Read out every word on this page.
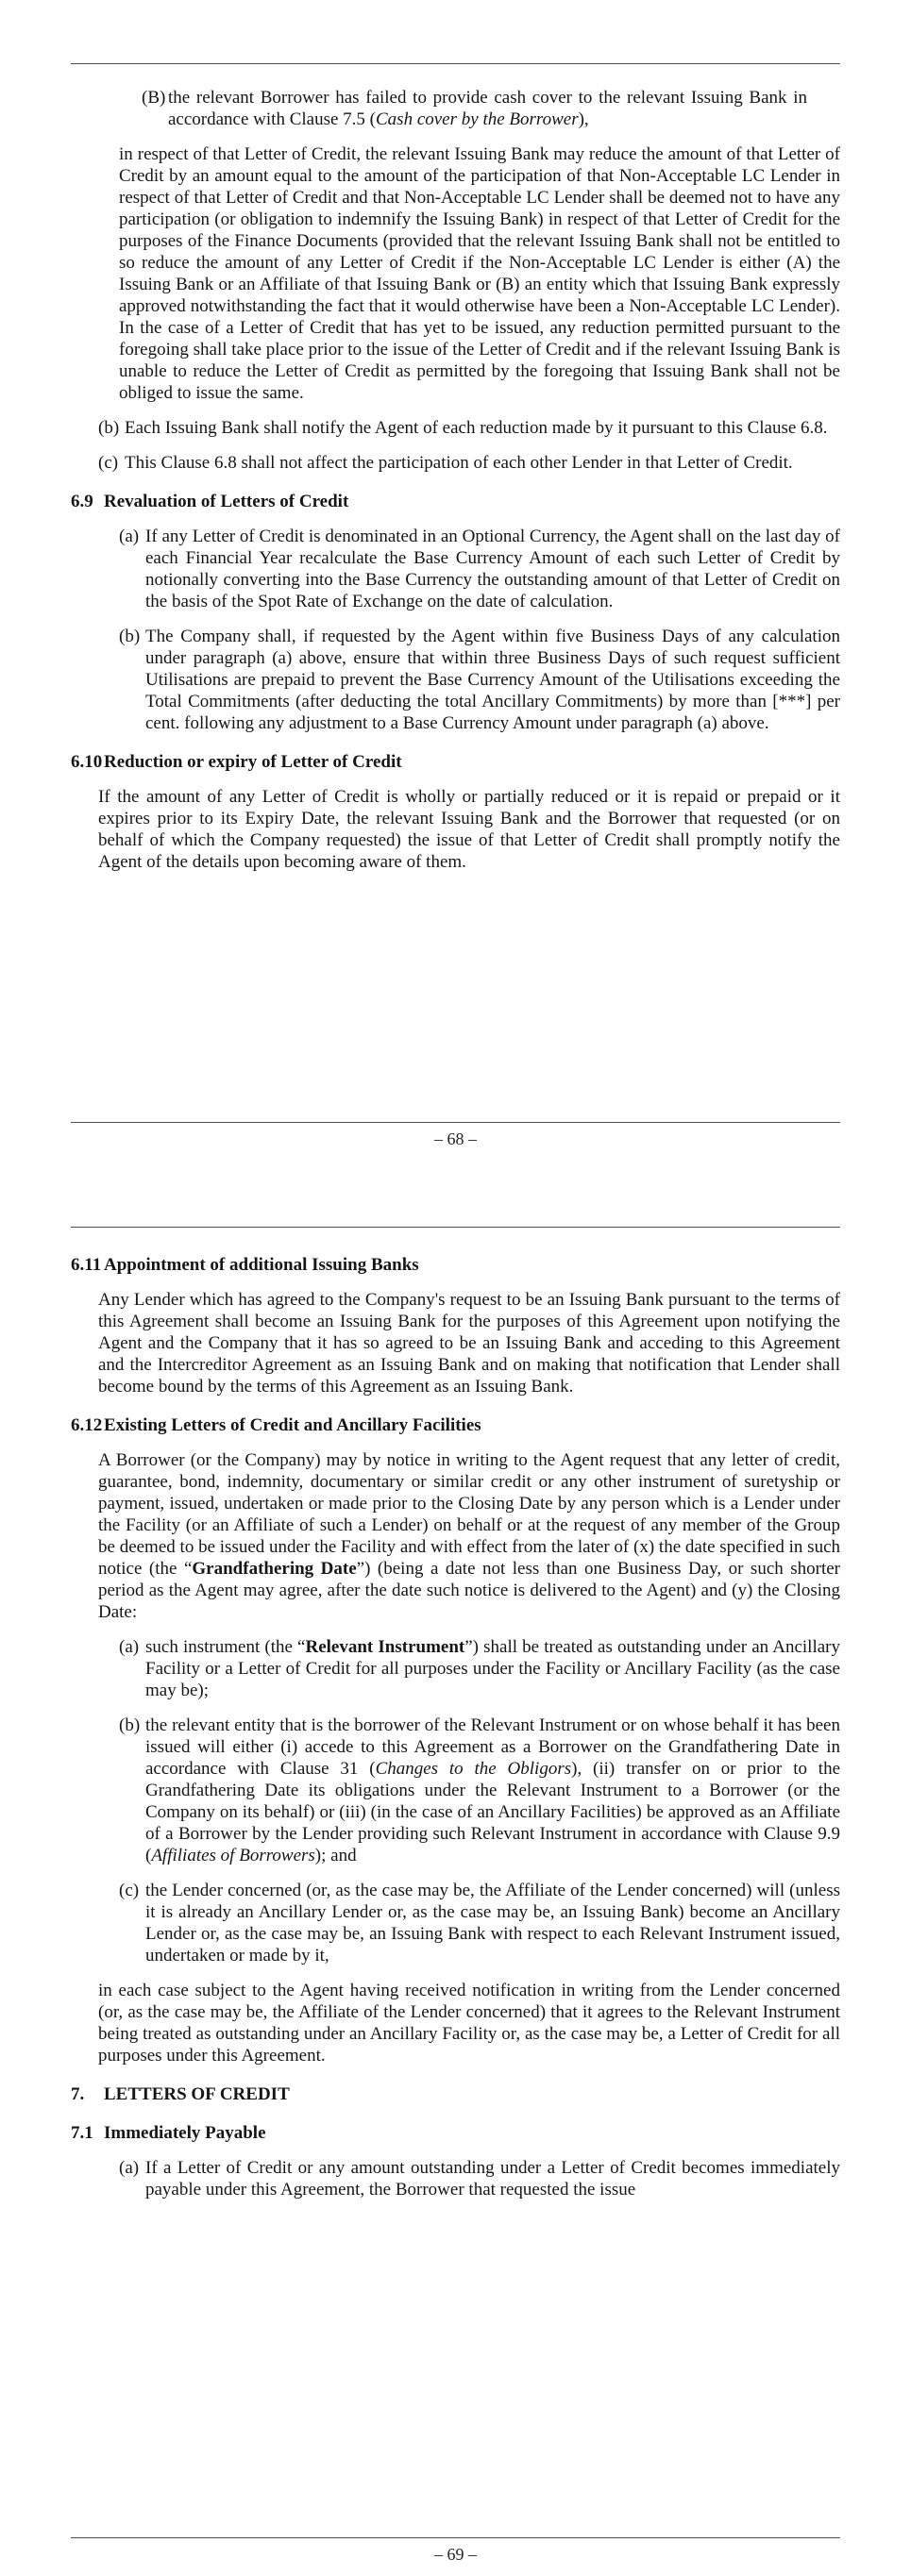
(B) the relevant Borrower has failed to provide cash cover to the relevant Issuing Bank in accordance with Clause 7.5 (Cash cover by the Borrower),
in respect of that Letter of Credit, the relevant Issuing Bank may reduce the amount of that Letter of Credit by an amount equal to the amount of the participation of that Non-Acceptable LC Lender in respect of that Letter of Credit and that Non-Acceptable LC Lender shall be deemed not to have any participation (or obligation to indemnify the Issuing Bank) in respect of that Letter of Credit for the purposes of the Finance Documents (provided that the relevant Issuing Bank shall not be entitled to so reduce the amount of any Letter of Credit if the Non-Acceptable LC Lender is either (A) the Issuing Bank or an Affiliate of that Issuing Bank or (B) an entity which that Issuing Bank expressly approved notwithstanding the fact that it would otherwise have been a Non-Acceptable LC Lender). In the case of a Letter of Credit that has yet to be issued, any reduction permitted pursuant to the foregoing shall take place prior to the issue of the Letter of Credit and if the relevant Issuing Bank is unable to reduce the Letter of Credit as permitted by the foregoing that Issuing Bank shall not be obliged to issue the same.
(b) Each Issuing Bank shall notify the Agent of each reduction made by it pursuant to this Clause 6.8.
(c) This Clause 6.8 shall not affect the participation of each other Lender in that Letter of Credit.
6.9 Revaluation of Letters of Credit
(a) If any Letter of Credit is denominated in an Optional Currency, the Agent shall on the last day of each Financial Year recalculate the Base Currency Amount of each such Letter of Credit by notionally converting into the Base Currency the outstanding amount of that Letter of Credit on the basis of the Spot Rate of Exchange on the date of calculation.
(b) The Company shall, if requested by the Agent within five Business Days of any calculation under paragraph (a) above, ensure that within three Business Days of such request sufficient Utilisations are prepaid to prevent the Base Currency Amount of the Utilisations exceeding the Total Commitments (after deducting the total Ancillary Commitments) by more than [***] per cent. following any adjustment to a Base Currency Amount under paragraph (a) above.
6.10 Reduction or expiry of Letter of Credit
If the amount of any Letter of Credit is wholly or partially reduced or it is repaid or prepaid or it expires prior to its Expiry Date, the relevant Issuing Bank and the Borrower that requested (or on behalf of which the Company requested) the issue of that Letter of Credit shall promptly notify the Agent of the details upon becoming aware of them.
– 68 –
6.11 Appointment of additional Issuing Banks
Any Lender which has agreed to the Company's request to be an Issuing Bank pursuant to the terms of this Agreement shall become an Issuing Bank for the purposes of this Agreement upon notifying the Agent and the Company that it has so agreed to be an Issuing Bank and acceding to this Agreement and the Intercreditor Agreement as an Issuing Bank and on making that notification that Lender shall become bound by the terms of this Agreement as an Issuing Bank.
6.12 Existing Letters of Credit and Ancillary Facilities
A Borrower (or the Company) may by notice in writing to the Agent request that any letter of credit, guarantee, bond, indemnity, documentary or similar credit or any other instrument of suretyship or payment, issued, undertaken or made prior to the Closing Date by any person which is a Lender under the Facility (or an Affiliate of such a Lender) on behalf or at the request of any member of the Group be deemed to be issued under the Facility and with effect from the later of (x) the date specified in such notice (the “Grandfathering Date”) (being a date not less than one Business Day, or such shorter period as the Agent may agree, after the date such notice is delivered to the Agent) and (y) the Closing Date:
(a) such instrument (the “Relevant Instrument”) shall be treated as outstanding under an Ancillary Facility or a Letter of Credit for all purposes under the Facility or Ancillary Facility (as the case may be);
(b) the relevant entity that is the borrower of the Relevant Instrument or on whose behalf it has been issued will either (i) accede to this Agreement as a Borrower on the Grandfathering Date in accordance with Clause 31 (Changes to the Obligors), (ii) transfer on or prior to the Grandfathering Date its obligations under the Relevant Instrument to a Borrower (or the Company on its behalf) or (iii) (in the case of an Ancillary Facilities) be approved as an Affiliate of a Borrower by the Lender providing such Relevant Instrument in accordance with Clause 9.9 (Affiliates of Borrowers); and
(c) the Lender concerned (or, as the case may be, the Affiliate of the Lender concerned) will (unless it is already an Ancillary Lender or, as the case may be, an Issuing Bank) become an Ancillary Lender or, as the case may be, an Issuing Bank with respect to each Relevant Instrument issued, undertaken or made by it,
in each case subject to the Agent having received notification in writing from the Lender concerned (or, as the case may be, the Affiliate of the Lender concerned) that it agrees to the Relevant Instrument being treated as outstanding under an Ancillary Facility or, as the case may be, a Letter of Credit for all purposes under this Agreement.
7.	LETTERS OF CREDIT
7.1 Immediately Payable
(a) If a Letter of Credit or any amount outstanding under a Letter of Credit becomes immediately payable under this Agreement, the Borrower that requested the issue
– 69 –
